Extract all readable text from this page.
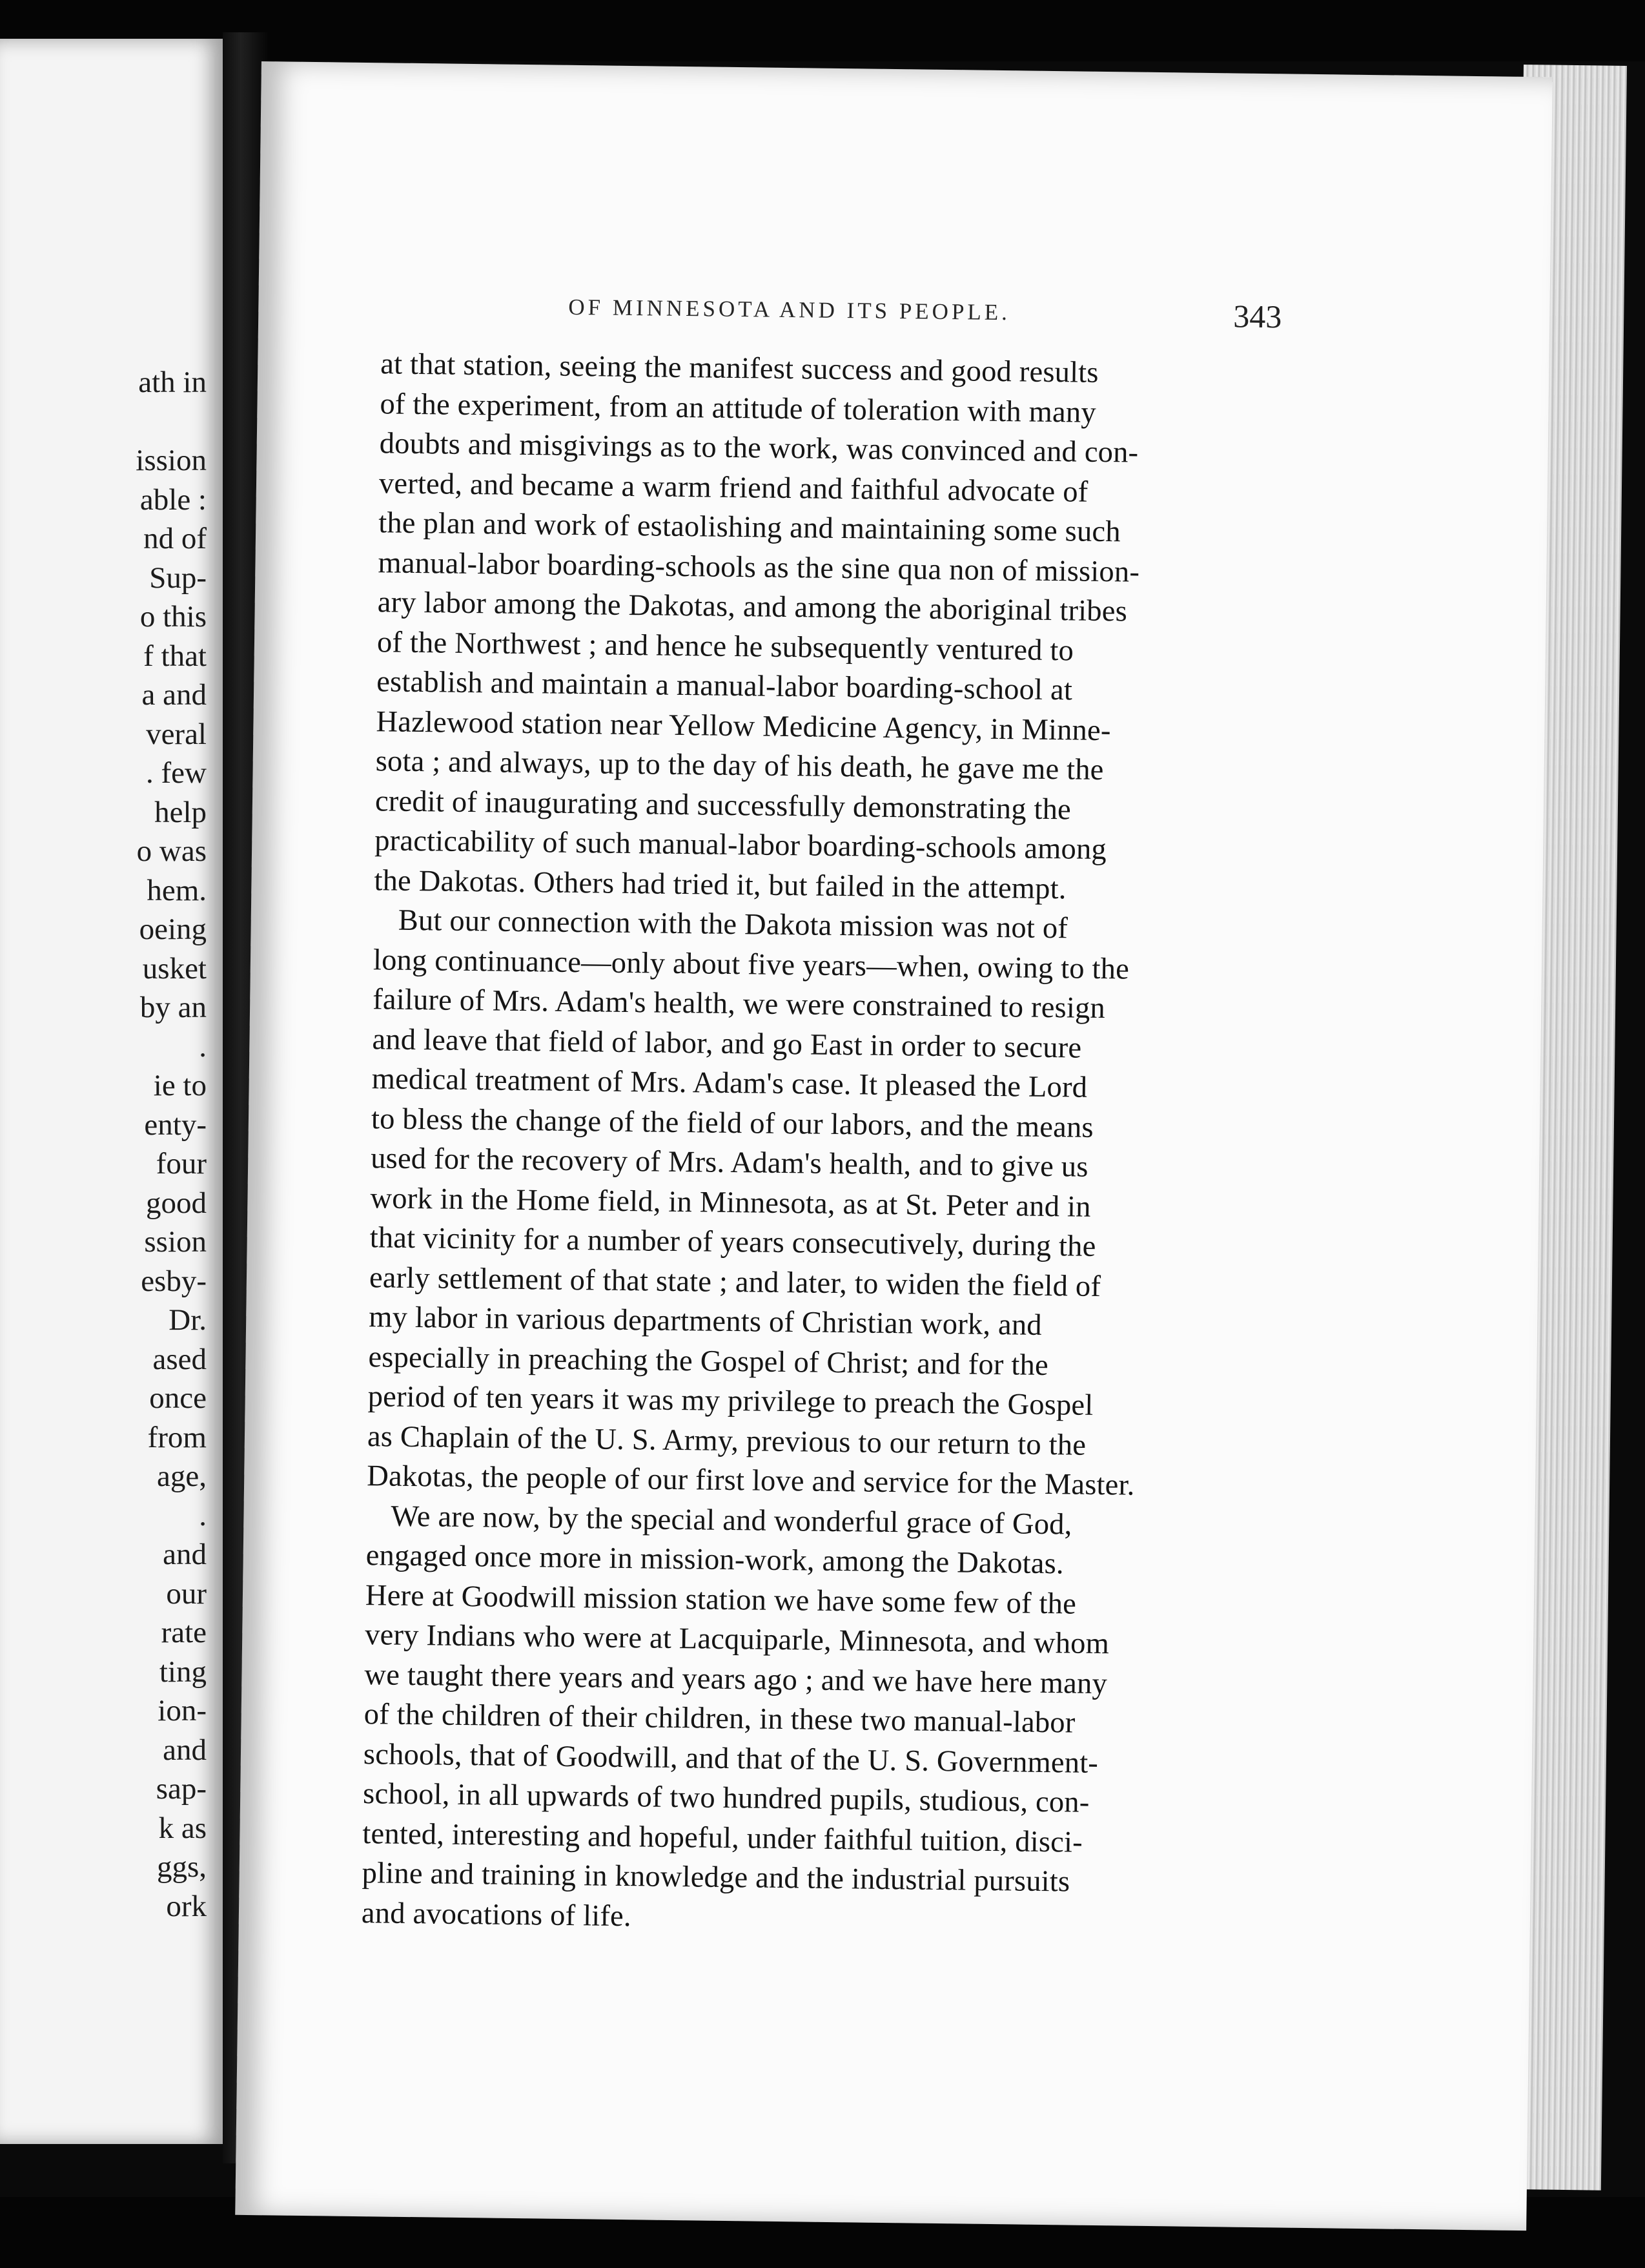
ath in
ission
able :
nd of
Sup-
o this
f that
a and
veral
. few
help
o was
hem.
oeing
usket
by an
.
ie to
enty-
four
good
ssion
esby-
Dr.
ased
once
from
age,
.
and
our
rate
ting
ion-
and
sap-
k as
ggs,
ork
OF MINNESOTA AND ITS PEOPLE.	343
at that station, seeing the manifest success and good results
of the experiment, from an attitude of toleration with many
doubts and misgivings as to the work, was convinced and con-
verted, and became a warm friend and faithful advocate of
the plan and work of estaolishing and maintaining some such
manual-labor boarding-schools as the sine qua non of mission-
ary labor among the Dakotas, and among the aboriginal tribes
of the Northwest ; and hence he subsequently ventured to
establish and maintain a manual-labor boarding-school at
Hazlewood station near Yellow Medicine Agency, in Minne-
sota ; and always, up to the day of his death, he gave me the
credit of inaugurating and successfully demonstrating the
practicability of such manual-labor boarding-schools among
the Dakotas. Others had tried it, but failed in the attempt.
But our connection with the Dakota mission was not of
long continuance—only about five years—when, owing to the
failure of Mrs. Adam's health, we were constrained to resign
and leave that field of labor, and go East in order to secure
medical treatment of Mrs. Adam's case. It pleased the Lord
to bless the change of the field of our labors, and the means
used for the recovery of Mrs. Adam's health, and to give us
work in the Home field, in Minnesota, as at St. Peter and in
that vicinity for a number of years consecutively, during the
early settlement of that state ; and later, to widen the field of
my labor in various departments of Christian work, and
especially in preaching the Gospel of Christ; and for the
period of ten years it was my privilege to preach the Gospel
as Chaplain of the U. S. Army, previous to our return to the
Dakotas, the people of our first love and service for the Master.
We are now, by the special and wonderful grace of God,
engaged once more in mission-work, among the Dakotas.
Here at Goodwill mission station we have some few of the
very Indians who were at Lacquiparle, Minnesota, and whom
we taught there years and years ago ; and we have here many
of the children of their children, in these two manual-labor
schools, that of Goodwill, and that of the U. S. Government-
school, in all upwards of two hundred pupils, studious, con-
tented, interesting and hopeful, under faithful tuition, disci-
pline and training in knowledge and the industrial pursuits
and avocations of life.
